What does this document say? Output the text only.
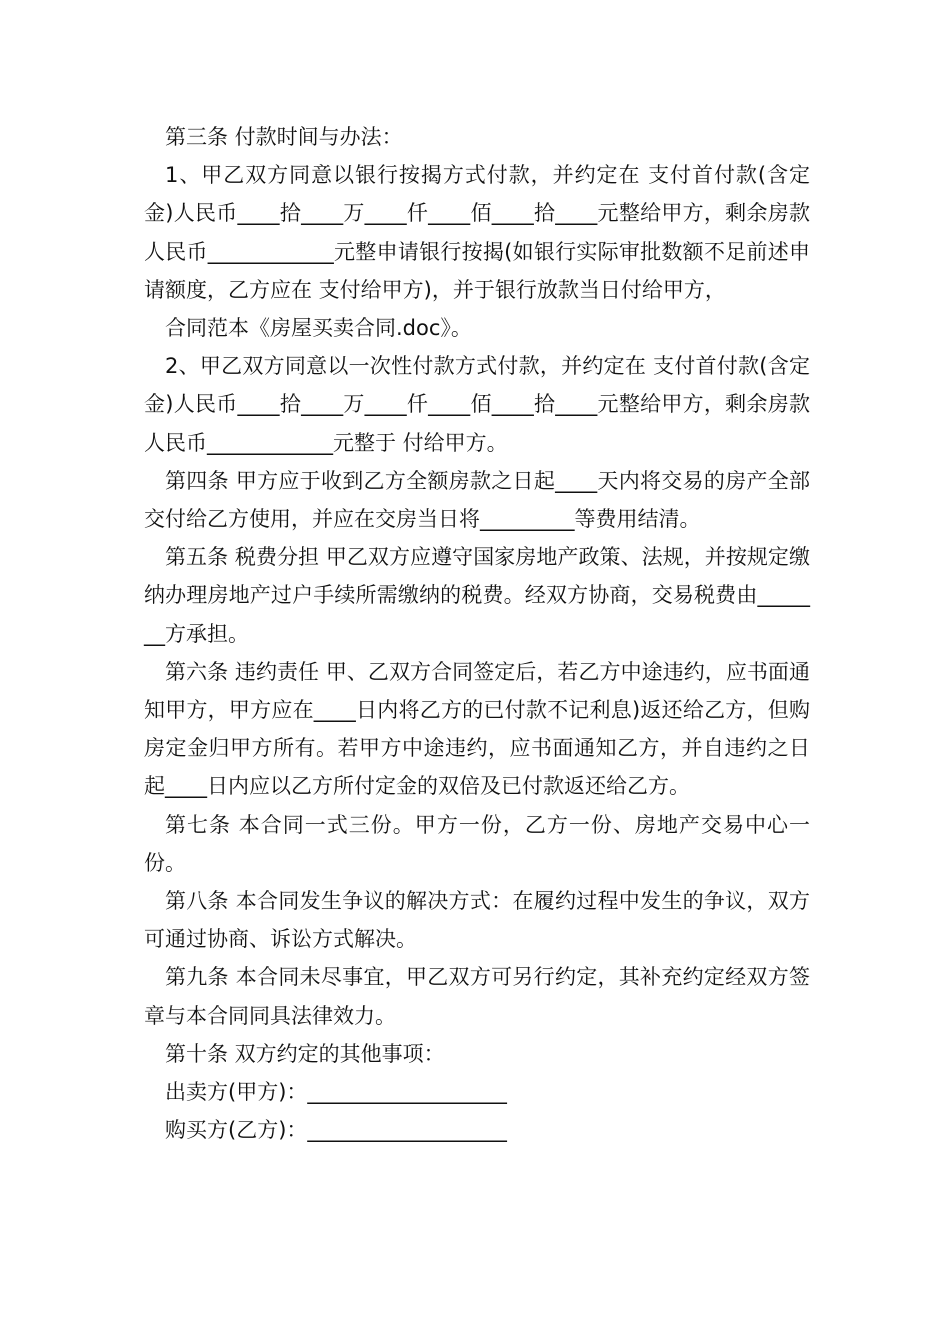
第三条 付款时间与办法：

1、甲乙双方同意以银行按揭方式付款，并约定在 支付首付款(含定金)人民币____拾____万____仟____佰____拾____元整给甲方，剩余房款人民币____________元整申请银行按揭(如银行实际审批数额不足前述申请额度，乙方应在 支付给甲方)，并于银行放款当日付给甲方，

合同范本《房屋买卖合同.doc》。

2、甲乙双方同意以一次性付款方式付款，并约定在 支付首付款(含定金)人民币____拾____万____仟____佰____拾____元整给甲方，剩余房款人民币____________元整于 付给甲方。

第四条 甲方应于收到乙方全额房款之日起____天内将交易的房产全部交付给乙方使用，并应在交房当日将_________等费用结清。

第五条 税费分担 甲乙双方应遵守国家房地产政策、法规，并按规定缴纳办理房地产过户手续所需缴纳的税费。经双方协商，交易税费由_______方承担。

第六条 违约责任 甲、乙双方合同签定后，若乙方中途违约，应书面通知甲方，甲方应在____日内将乙方的已付款不记利息)返还给乙方，但购房定金归甲方所有。若甲方中途违约，应书面通知乙方，并自违约之日起____日内应以乙方所付定金的双倍及已付款返还给乙方。

第七条 本合同一式三份。甲方一份，乙方一份、房地产交易中心一份。

第八条 本合同发生争议的解决方式：在履约过程中发生的争议，双方可通过协商、诉讼方式解决。

第九条 本合同未尽事宜，甲乙双方可另行约定，其补充约定经双方签章与本合同同具法律效力。

第十条 双方约定的其他事项：

出卖方(甲方)：___________________

购买方(乙方)：___________________
